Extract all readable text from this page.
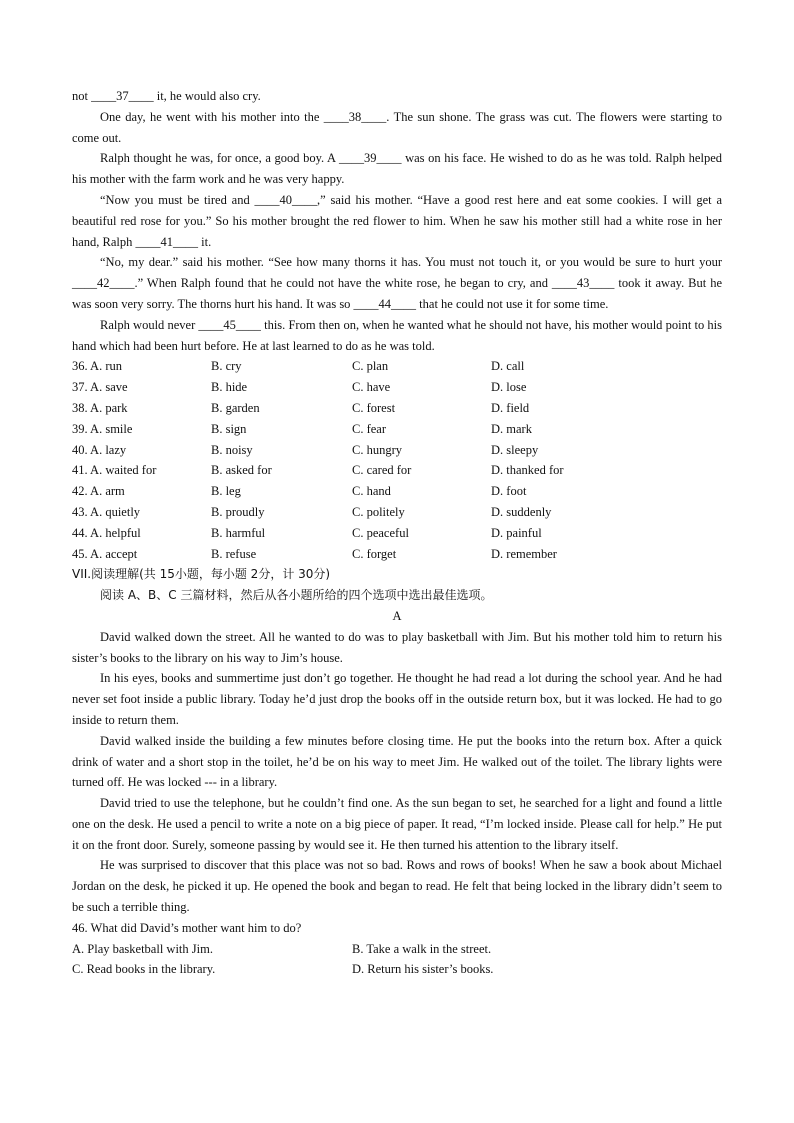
not ____37____ it, he would also cry.

One day, he went with his mother into the ____38____. The sun shone. The grass was cut. The flowers were starting to come out.

Ralph thought he was, for once, a good boy. A ____39____ was on his face. He wished to do as he was told. Ralph helped his mother with the farm work and he was very happy.

“Now you must be tired and ____40____,” said his mother. “Have a good rest here and eat some cookies. I will get a beautiful red rose for you.” So his mother brought the red flower to him. When he saw his mother still had a white rose in her hand, Ralph ____41____ it.

“No, my dear.” said his mother. “See how many thorns it has. You must not touch it, or you would be sure to hurt your ____42____.” When Ralph found that he could not have the white rose, he began to cry, and ____43____ took it away. But he was soon very sorry. The thorns hurt his hand. It was so ____44____ that he could not use it for some time.

Ralph would never ____45____ this. From then on, when he wanted what he should not have, his mother would point to his hand which had been hurt before. He at last learned to do as he was told.

36. A. run	B. cry	C. plan	D. call
37. A. save	B. hide	C. have	D. lose
38. A. park	B. garden	C. forest	D. field
39. A. smile	B. sign	C. fear	D. mark
40. A. lazy	B. noisy	C. hungry	D. sleepy
41. A. waited for	B. asked for	C. cared for	D. thanked for
42. A. arm	B. leg	C. hand	D. foot
43. A. quietly	B. proudly	C. politely	D. suddenly
44. A. helpful	B. harmful	C. peaceful	D. painful
45. A. accept	B. refuse	C. forget	D. remember

VII.阅读理解(共 15小题，每小题 2分，计 30分)

阅读 A、B、C 三篇材料，然后从各小题所给的四个选项中选出最佳选项。

A

David walked down the street. All he wanted to do was to play basketball with Jim. But his mother told him to return his sister’s books to the library on his way to Jim’s house.

In his eyes, books and summertime just don’t go together. He thought he had read a lot during the school year. And he had never set foot inside a public library. Today he’d just drop the books off in the outside return box, but it was locked. He had to go inside to return them.

David walked inside the building a few minutes before closing time. He put the books into the return box. After a quick drink of water and a short stop in the toilet, he’d be on his way to meet Jim. He walked out of the toilet. The library lights were turned off. He was locked --- in a library.

David tried to use the telephone, but he couldn’t find one. As the sun began to set, he searched for a light and found a little one on the desk. He used a pencil to write a note on a big piece of paper. It read, “I’m locked inside. Please call for help.” He put it on the front door. Surely, someone passing by would see it. He then turned his attention to the library itself.

He was surprised to discover that this place was not so bad. Rows and rows of books! When he saw a book about Michael Jordan on the desk, he picked it up. He opened the book and began to read. He felt that being locked in the library didn’t seem to be such a terrible thing.

46. What did David’s mother want him to do?

A. Play basketball with Jim.	B. Take a walk in the street.
C. Read books in the library.	D. Return his sister’s books.
